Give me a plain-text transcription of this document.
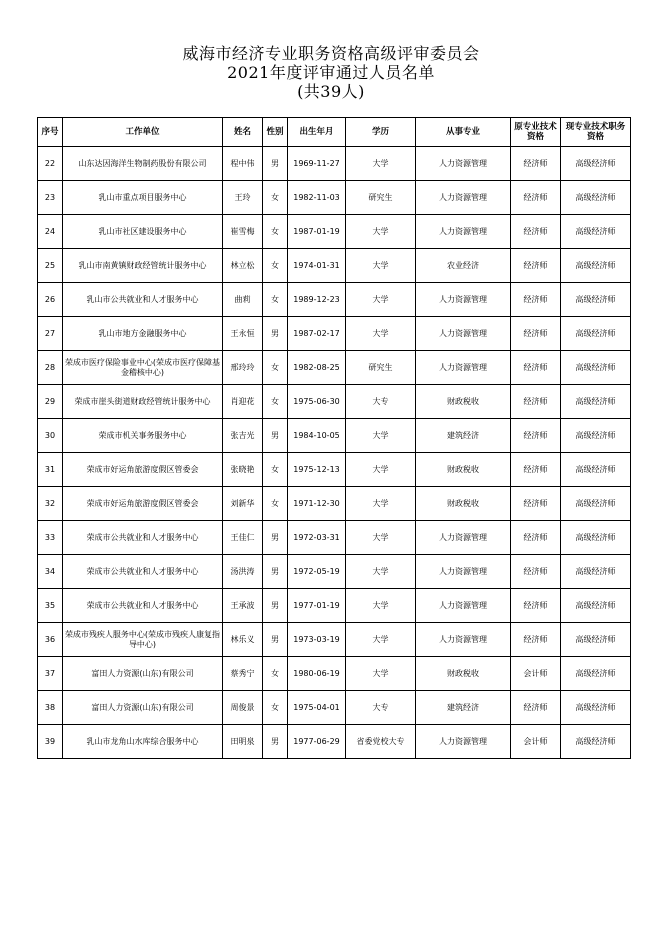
威海市经济专业职务资格高级评审委员会
2021年度评审通过人员名单
(共39人)
序号	工作单位	姓名	性别	出生年月	学历	从事专业	原专业技术资格	现专业技术职务资格
22	山东达因海洋生物制药股份有限公司	程中伟	男	1969-11-27	大学	人力资源管理	经济师	高级经济师
23	乳山市重点项目服务中心	王玲	女	1982-11-03	研究生	人力资源管理	经济师	高级经济师
24	乳山市社区建设服务中心	崔雪梅	女	1987-01-19	大学	人力资源管理	经济师	高级经济师
25	乳山市南黄镇财政经管统计服务中心	林立松	女	1974-01-31	大学	农业经济	经济师	高级经济师
26	乳山市公共就业和人才服务中心	曲莉	女	1989-12-23	大学	人力资源管理	经济师	高级经济师
27	乳山市地方金融服务中心	王永恒	男	1987-02-17	大学	人力资源管理	经济师	高级经济师
28	荣成市医疗保险事业中心(荣成市医疗保障基金稽核中心)	邢玲玲	女	1982-08-25	研究生	人力资源管理	经济师	高级经济师
29	荣成市崖头街道财政经管统计服务中心	肖迎花	女	1975-06-30	大专	财政税收	经济师	高级经济师
30	荣成市机关事务服务中心	张吉光	男	1984-10-05	大学	建筑经济	经济师	高级经济师
31	荣成市好运角旅游度假区管委会	张晓艳	女	1975-12-13	大学	财政税收	经济师	高级经济师
32	荣成市好运角旅游度假区管委会	刘新华	女	1971-12-30	大学	财政税收	经济师	高级经济师
33	荣成市公共就业和人才服务中心	王佳仁	男	1972-03-31	大学	人力资源管理	经济师	高级经济师
34	荣成市公共就业和人才服务中心	汤洪涛	男	1972-05-19	大学	人力资源管理	经济师	高级经济师
35	荣成市公共就业和人才服务中心	王承波	男	1977-01-19	大学	人力资源管理	经济师	高级经济师
36	荣成市残疾人服务中心(荣成市残疾人康复指导中心)	林乐义	男	1973-03-19	大学	人力资源管理	经济师	高级经济师
37	富田人力资源(山东)有限公司	蔡秀宁	女	1980-06-19	大学	财政税收	会计师	高级经济师
38	富田人力资源(山东)有限公司	周俊景	女	1975-04-01	大专	建筑经济	经济师	高级经济师
39	乳山市龙角山水库综合服务中心	田明泉	男	1977-06-29	省委党校大专	人力资源管理	会计师	高级经济师
